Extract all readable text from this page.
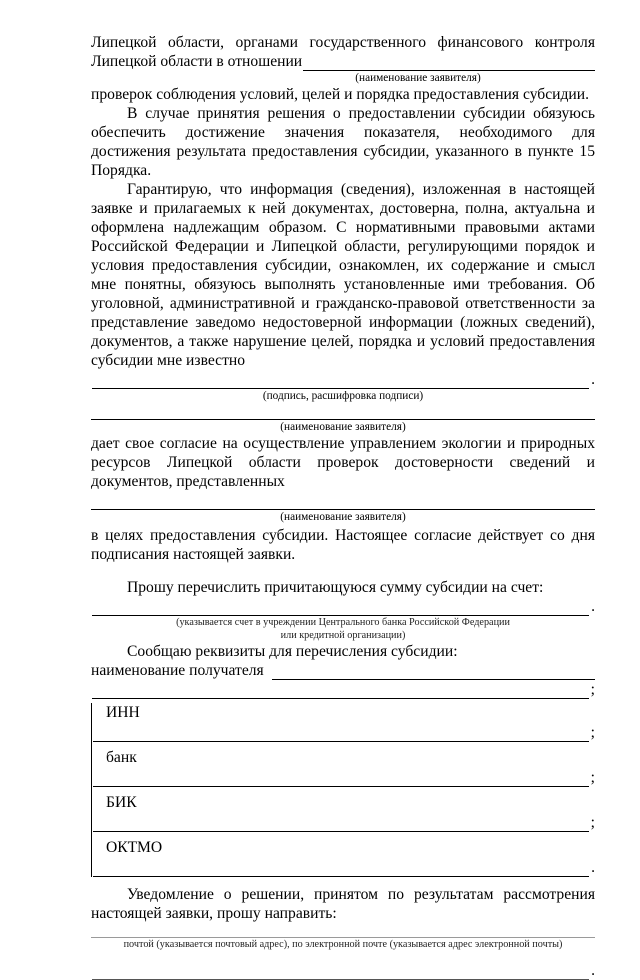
Липецкой области, органами государственного финансового контроля

Липецкой области в отношении

(наименование заявителя)

проверок соблюдения условий, целей и порядка предоставления субсидии.

В случае принятия решения о предоставлении субсидии обязуюсь обеспечить достижение значения показателя, необходимого для достижения результата предоставления субсидии, указанного в пункте 15 Порядка.

Гарантирую, что информация (сведения), изложенная в настоящей заявке и прилагаемых к ней документах, достоверна, полна, актуальна и оформлена надлежащим образом. С нормативными правовыми актами Российской Федерации и Липецкой области, регулирующими порядок и условия предоставления субсидии, ознакомлен, их содержание и смысл мне понятны, обязуюсь выполнять установленные ими требования. Об уголовной, административной и гражданско-правовой ответственности за представление заведомо недостоверной информации (ложных сведений), документов, а также нарушение целей, порядка и условий предоставления субсидии мне известно

.

(подпись, расшифровка подписи)

(наименование заявителя)

дает свое согласие на осуществление управлением экологии и природных ресурсов Липецкой области проверок достоверности сведений и документов, представленных

(наименование заявителя)

в целях предоставления субсидии. Настоящее согласие действует со дня подписания настоящей заявки.

Прошу перечислить причитающуюся сумму субсидии на счет:

.

(указывается счет в учреждении Центрального банка Российской Федерации

или кредитной организации)

Сообщаю реквизиты для перечисления субсидии:

наименование получателя
;
ИНН
;
банк
;
БИК
;
ОКТМО
.

Уведомление о решении, принятом по результатам рассмотрения настоящей заявки, прошу направить:

почтой (указывается почтовый адрес), по электронной почте (указывается адрес электронной почты)

.
